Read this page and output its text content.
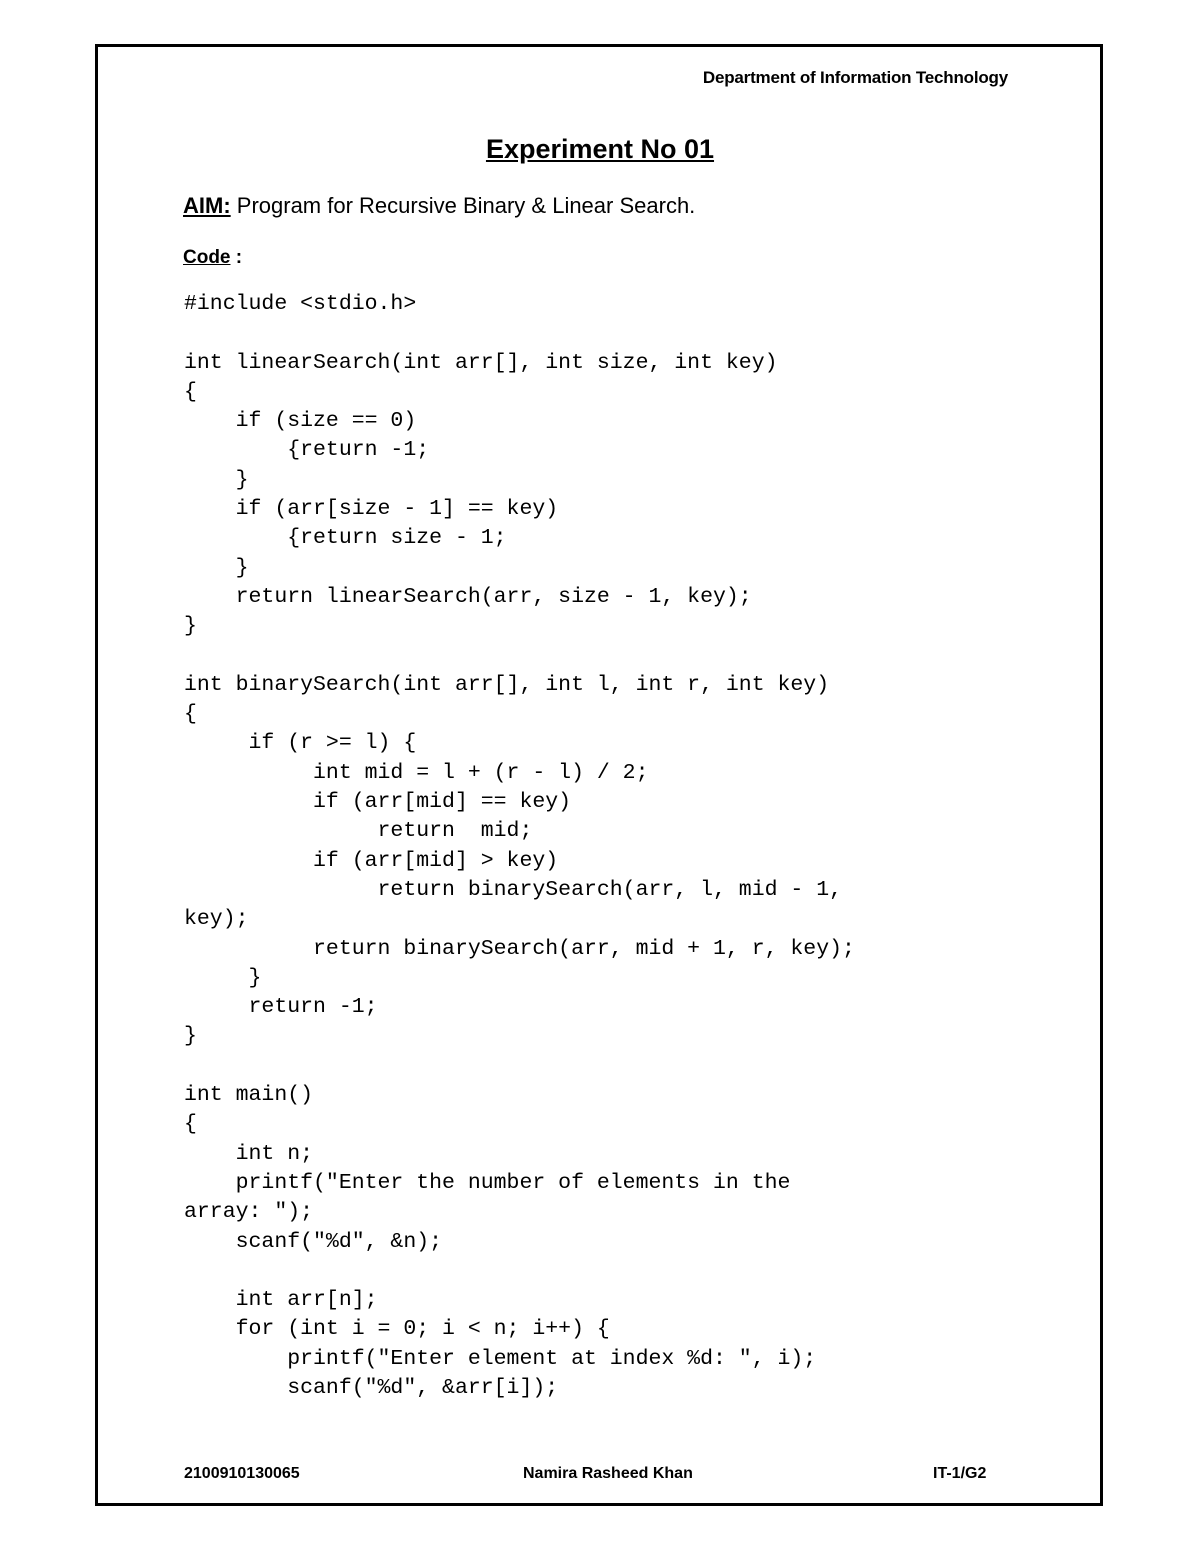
Department of Information Technology
Experiment No 01
AIM: Program for Recursive Binary & Linear Search.
Code :
#include <stdio.h>
int linearSearch(int arr[], int size, int key)
{
if (size == 0)
{return -1;
}
if (arr[size - 1] == key)
{return size - 1;
}
return linearSearch(arr, size - 1, key);
}
int binarySearch(int arr[], int l, int r, int key)
{
if (r >= l) {
int mid = l + (r - l) / 2;
if (arr[mid] == key)
return  mid;
if (arr[mid] > key)
return binarySearch(arr, l, mid - 1,
key);
return binarySearch(arr, mid + 1, r, key);
}
return -1;
}
int main()
{
int n;
printf("Enter the number of elements in the
array: ");
scanf("%d", &n);
int arr[n];
for (int i = 0; i < n; i++) {
printf("Enter element at index %d: ", i);
scanf("%d", &arr[i]);
2100910130065	Namira Rasheed Khan	IT-1/G2
